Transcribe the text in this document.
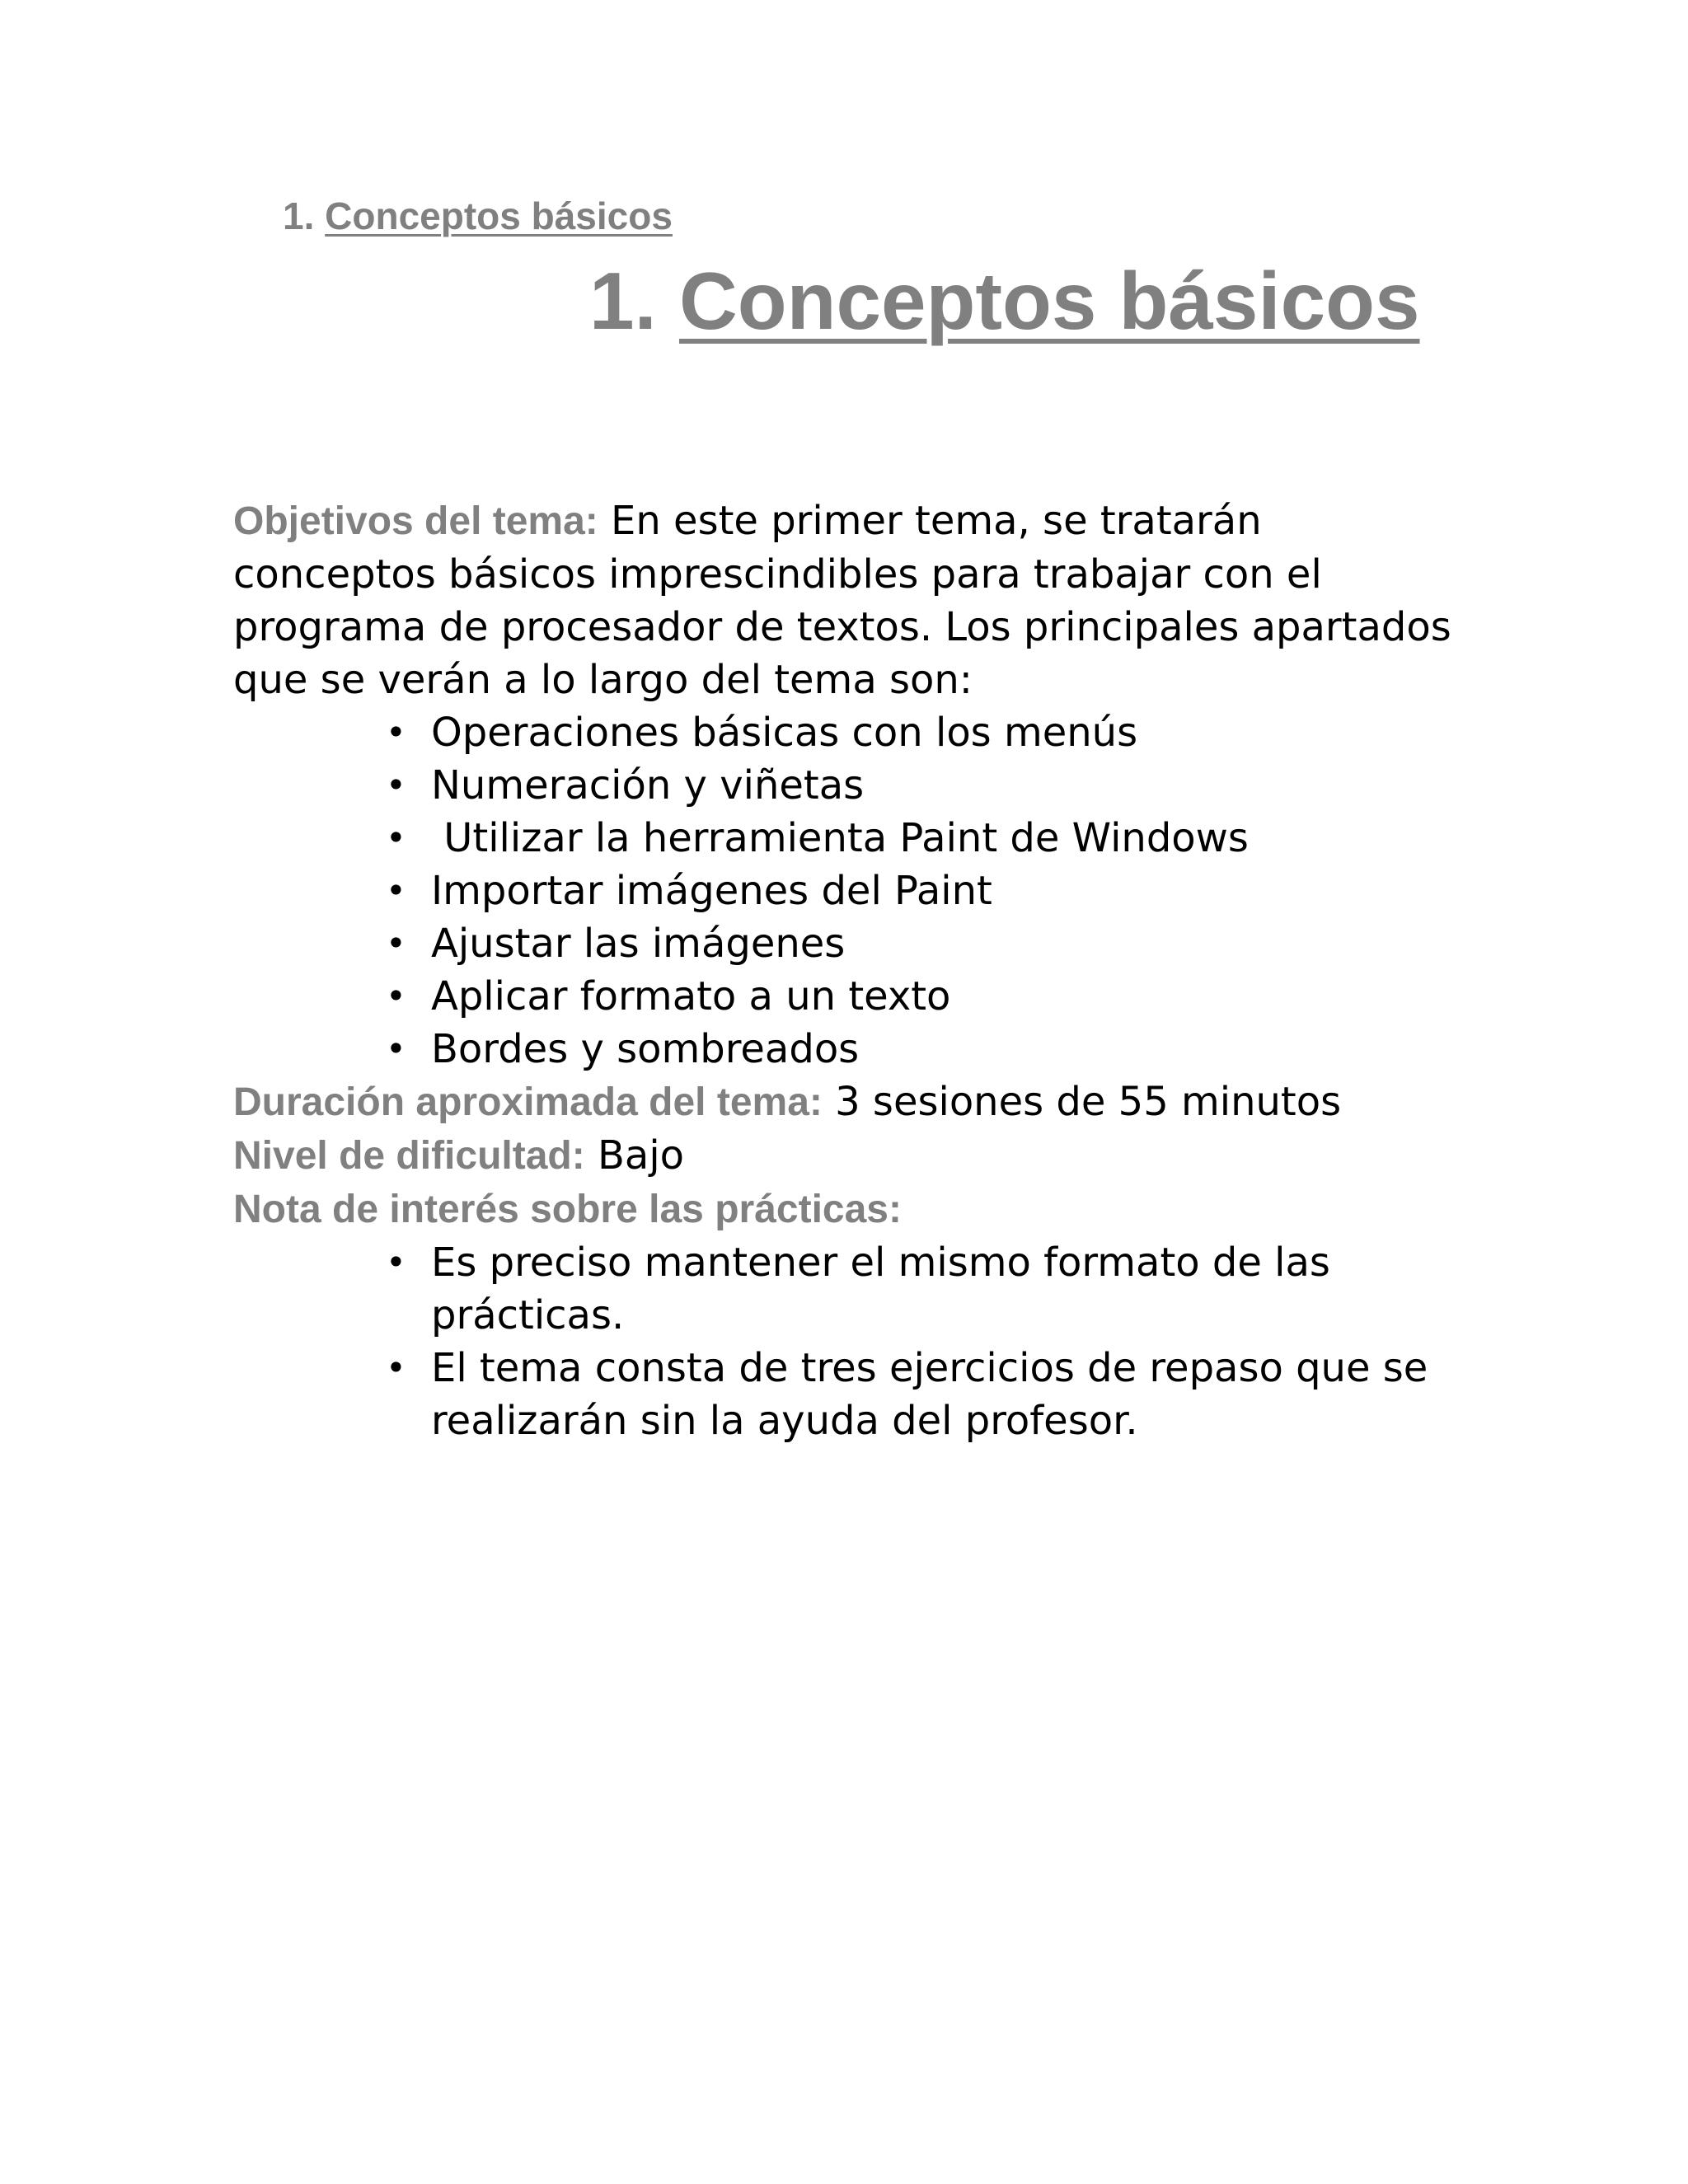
1. Conceptos básicos
1. Conceptos básicos

Objetivos del tema: En este primer tema, se tratarán conceptos básicos imprescindibles para trabajar con el programa de procesador de textos. Los principales apartados que se verán a lo largo del tema son:

• Operaciones básicas con los menús
• Numeración y viñetas
• Utilizar la herramienta Paint de Windows
• Importar imágenes del Paint
• Ajustar las imágenes
• Aplicar formato a un texto
• Bordes y sombreados

Duración aproximada del tema: 3 sesiones de 55 minutos

Nivel de dificultad: Bajo

Nota de interés sobre las prácticas:

• Es preciso mantener el mismo formato de las prácticas.
• El tema consta de tres ejercicios de repaso que se realizarán sin la ayuda del profesor.
